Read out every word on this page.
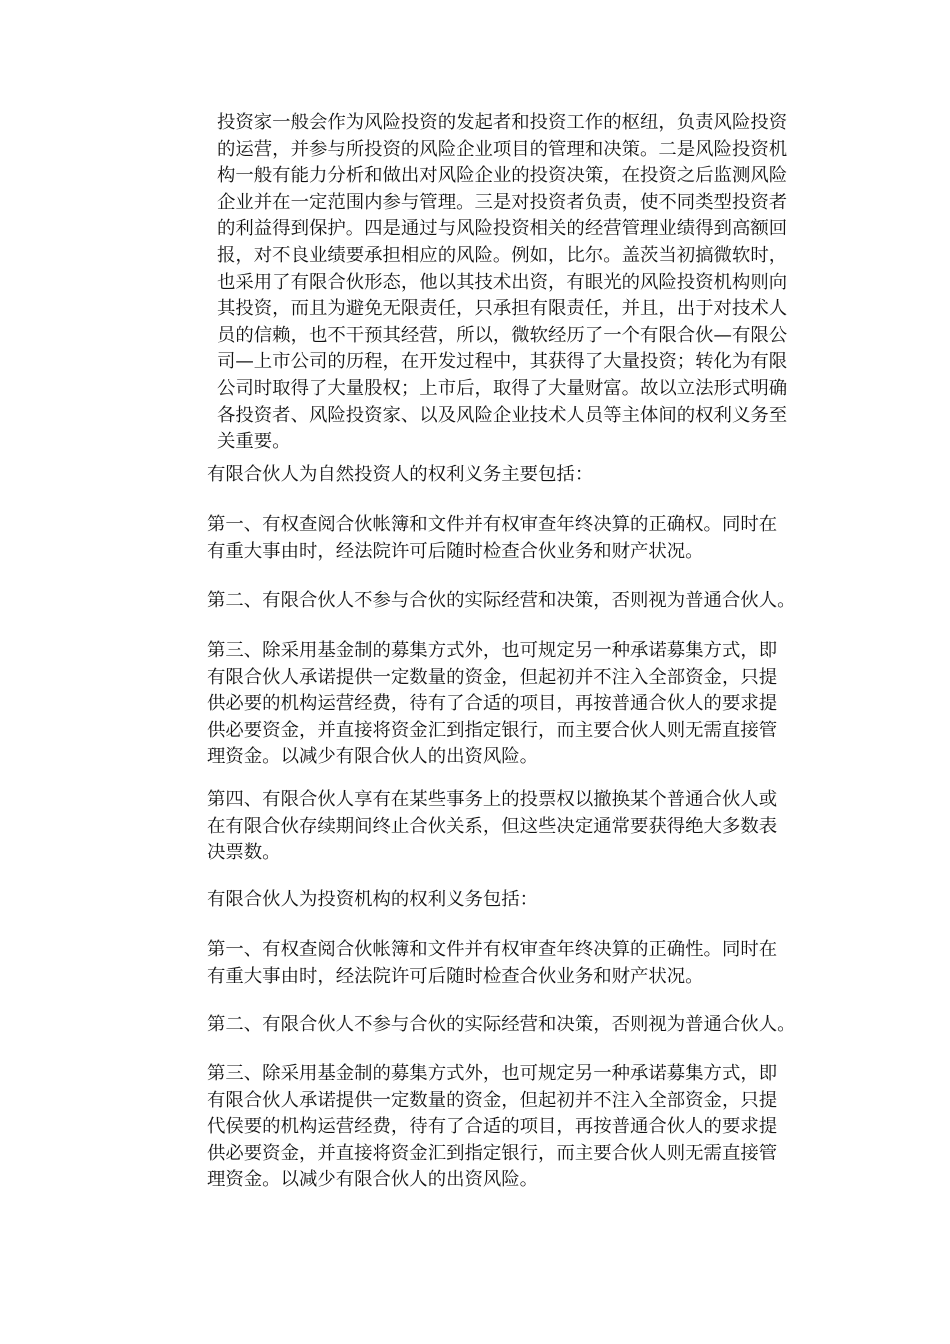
投资家一般会作为风险投资的发起者和投资工作的枢纽，负责风险投资
的运营，并参与所投资的风险企业项目的管理和决策。二是风险投资机
构一般有能力分析和做出对风险企业的投资决策，在投资之后监测风险
企业并在一定范围内参与管理。三是对投资者负责，使不同类型投资者
的利益得到保护。四是通过与风险投资相关的经营管理业绩得到高额回
报，对不良业绩要承担相应的风险。例如，比尔。盖茨当初搞微软时，
也采用了有限合伙形态，他以其技术出资，有眼光的风险投资机构则向
其投资，而且为避免无限责任，只承担有限责任，并且，出于对技术人
员的信赖，也不干预其经营，所以，微软经历了一个有限合伙—有限公
司—上市公司的历程，在开发过程中，其获得了大量投资；转化为有限
公司时取得了大量股权；上市后，取得了大量财富。故以立法形式明确
各投资者、风险投资家、以及风险企业技术人员等主体间的权利义务至
关重要。

有限合伙人为自然投资人的权利义务主要包括：

第一、有权查阅合伙帐簿和文件并有权审查年终决算的正确权。同时在
有重大事由时，经法院许可后随时检查合伙业务和财产状况。

第二、有限合伙人不参与合伙的实际经营和决策，否则视为普通合伙人。

第三、除采用基金制的募集方式外，也可规定另一种承诺募集方式，即
有限合伙人承诺提供一定数量的资金，但起初并不注入全部资金，只提
供必要的机构运营经费，待有了合适的项目，再按普通合伙人的要求提
供必要资金，并直接将资金汇到指定银行，而主要合伙人则无需直接管
理资金。以减少有限合伙人的出资风险。

第四、有限合伙人享有在某些事务上的投票权以撤换某个普通合伙人或
在有限合伙存续期间终止合伙关系，但这些决定通常要获得绝大多数表
决票数。

有限合伙人为投资机构的权利义务包括：

第一、有权查阅合伙帐簿和文件并有权审查年终决算的正确性。同时在
有重大事由时，经法院许可后随时检查合伙业务和财产状况。

第二、有限合伙人不参与合伙的实际经营和决策，否则视为普通合伙人。

第三、除采用基金制的募集方式外，也可规定另一种承诺募集方式，即
有限合伙人承诺提供一定数量的资金，但起初并不注入全部资金，只提
代侯要的机构运营经费，待有了合适的项目，再按普通合伙人的要求提
供必要资金，并直接将资金汇到指定银行，而主要合伙人则无需直接管
理资金。以减少有限合伙人的出资风险。
